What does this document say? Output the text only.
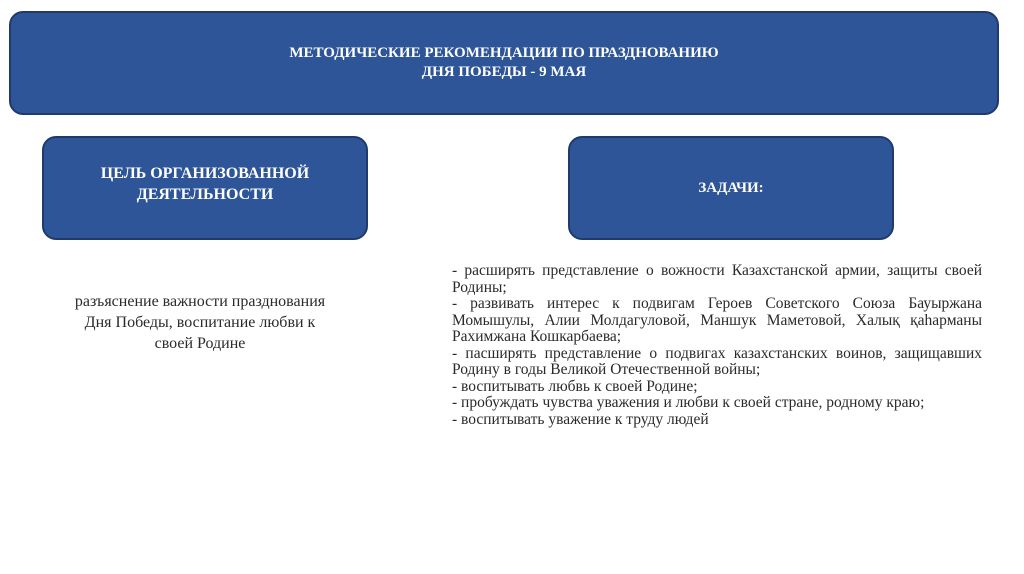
МЕТОДИЧЕСКИЕ РЕКОМЕНДАЦИИ ПО ПРАЗДНОВАНИЮ
ДНЯ ПОБЕДЫ - 9 МАЯ
ЦЕЛЬ ОРГАНИЗОВАННОЙ
ДЕЯТЕЛЬНОСТИ	ЗАДАЧИ:
разъяснение важности празднования
Дня Победы, воспитание любви к
своей Родине
- расширять представление о вожности Казахстанской армии, защиты своей Родины;
- развивать интерес к подвигам Героев Советского Союза Бауыржана Момышулы, Алии Молдагуловой, Маншук Маметовой, Халық қаһарманы Рахимжана Кошкарбаева;
- пасширять представление о подвигах казахстанских воинов, защищавших Родину в годы Великой Отечественной войны;
- воспитывать любвь к своей Родине;
- пробуждать чувства уважения и любви к своей стране, родному краю;
- воспитывать уважение к труду людей
